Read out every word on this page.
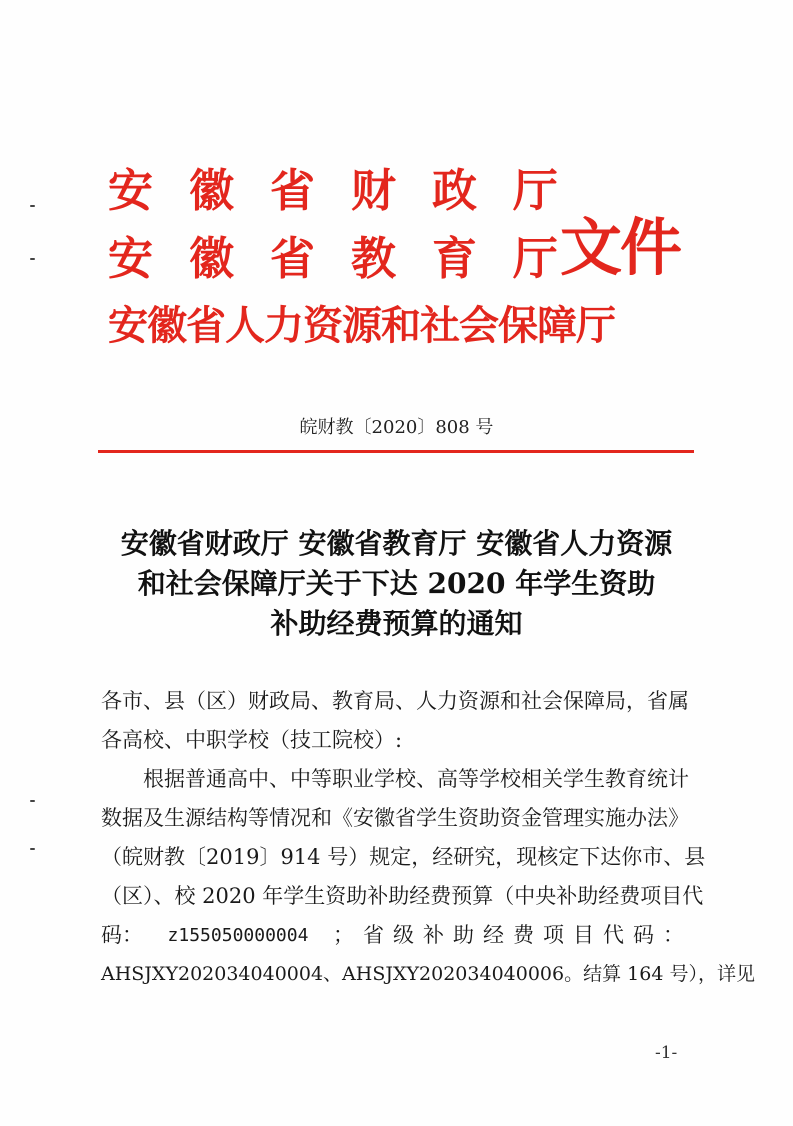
安 徽 省 财 政 厅
安 徽 省 教 育 厅
安徽省人力资源和社会保障厅
文件
皖财教〔2020〕808 号
安徽省财政厅 安徽省教育厅 安徽省人力资源
和社会保障厅关于下达 2020 年学生资助
补助经费预算的通知
各市、县（区）财政局、教育局、人力资源和社会保障局，省属
各高校、中职学校（技工院校）:
根据普通高中、中等职业学校、高等学校相关学生教育统计
数据及生源结构等情况和《安徽省学生资助资金管理实施办法》
（皖财教〔2019〕914 号）规定，经研究，现核定下达你市、县
（区）、校 2020 年学生资助补助经费预算（中央补助经费项目代
码： z155050000004 ；省级补助经费项目代码：
AHSJXY202034040004、AHSJXY202034040006。结算 164 号），详见
-1-
